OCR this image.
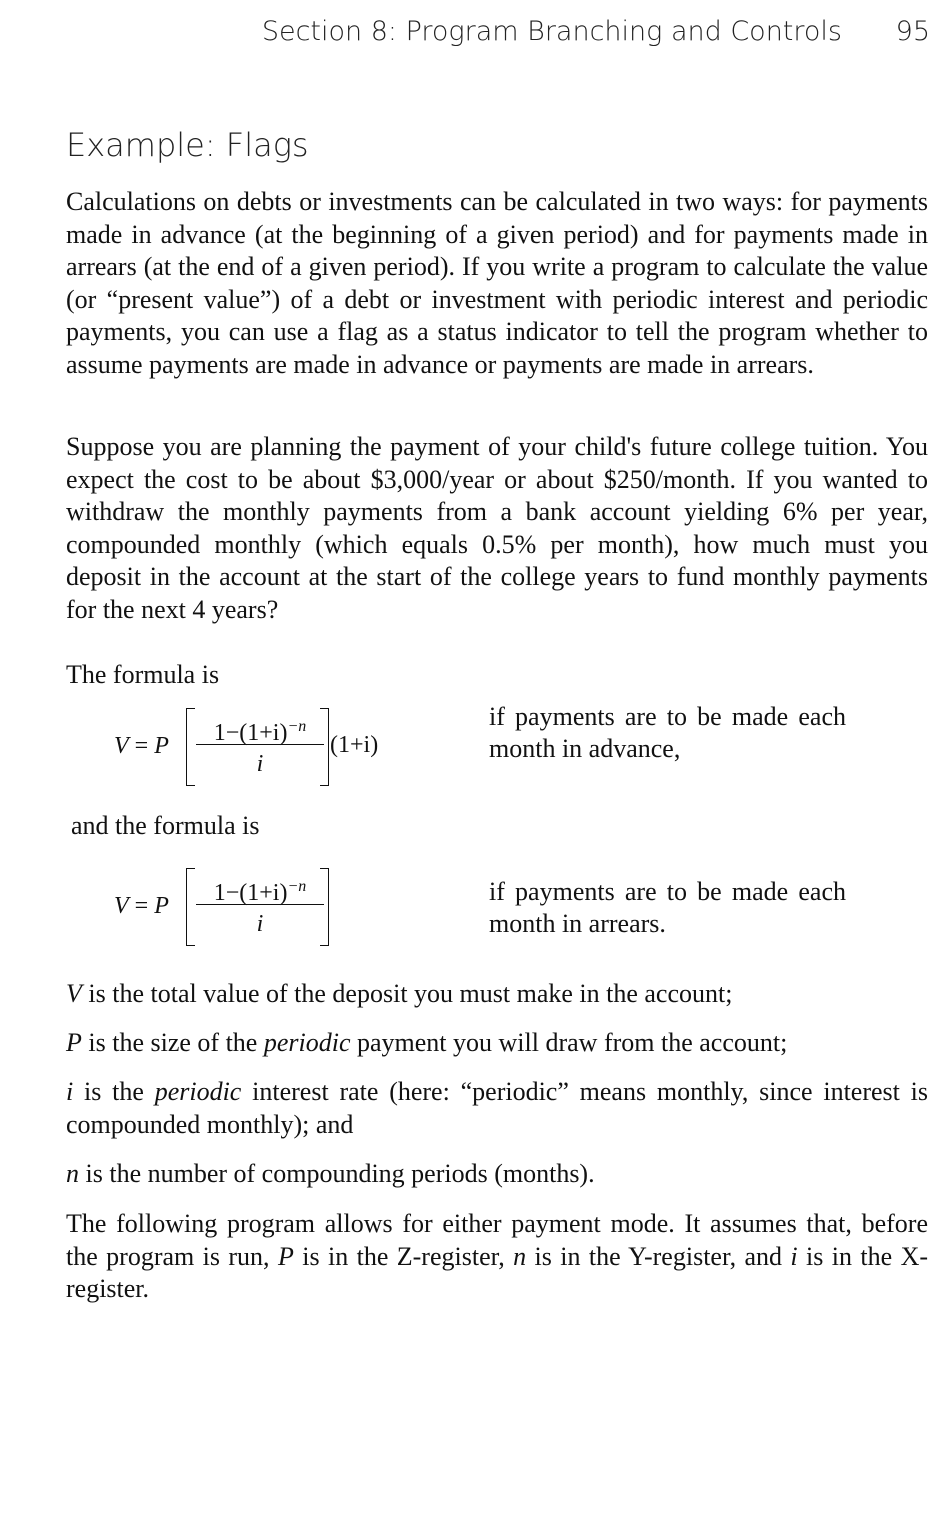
Section 8: Program Branching and Controls 95
Example: Flags

Calculations on debts or investments can be calculated in two ways: for payments made in advance (at the beginning of a given period) and for payments made in arrears (at the end of a given period). If you write a program to calculate the value (or “present value”) of a debt or investment with periodic interest and periodic payments, you can use a flag as a status indicator to tell the program whether to assume payments are made in advance or payments are made in arrears.

Suppose you are planning the payment of your child's future college tuition. You expect the cost to be about $3,000/year or about $250/month. If you wanted to withdraw the monthly payments from a bank account yielding 6% per year, compounded monthly (which equals 0.5% per month), how much must you deposit in the account at the start of the college years to fund monthly payments for the next 4 years?

The formula is

V = P $\frac{1-(1+i)^{-n}}{i} (1+i)$

if payments are to be made each month in advance,

and the formula is

V = P $\frac{1-(1+i)^{-n}}{i}$	if payments are to be made each month in arrears.

V is the total value of the deposit you must make in the account;

P is the size of the periodic payment you will draw from the account;

i is the periodic interest rate (here: “periodic” means monthly, since interest is compounded monthly); and

n is the number of compounding periods (months).

The following program allows for either payment mode. It assumes that, before the program is run, P is in the Z-register, n is in the Y-register, and i is in the X-register.
